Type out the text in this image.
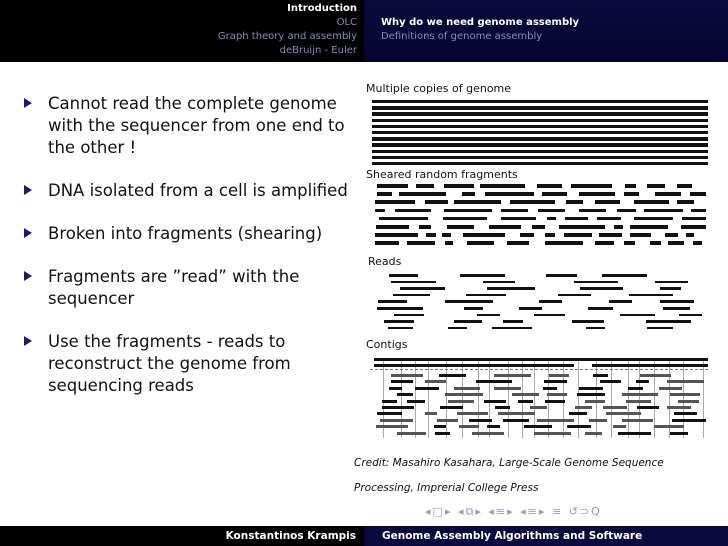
Introduction
OLC
Graph theory and assembly
deBruijn - Euler
Why do we need genome assembly
Definitions of genome assembly
Cannot read the complete genome with the sequencer from one end to the other !
DNA isolated from a cell is amplified
Broken into fragments (shearing)
Fragments are ”read” with the sequencer
Use the fragments - reads to reconstruct the genome from sequencing reads
Multiple copies of genome
Sheared random fragments
Reads
Contigs
Credit: Masahiro Kasahara, Large-Scale Genome Sequence
Processing, Imprerial College Press
◂□▸ ◂⧉▸ ◂≡▸ ◂≡▸ ≡ ↺⊃Q
Konstantinos Krampis	Genome Assembly Algorithms and Software
